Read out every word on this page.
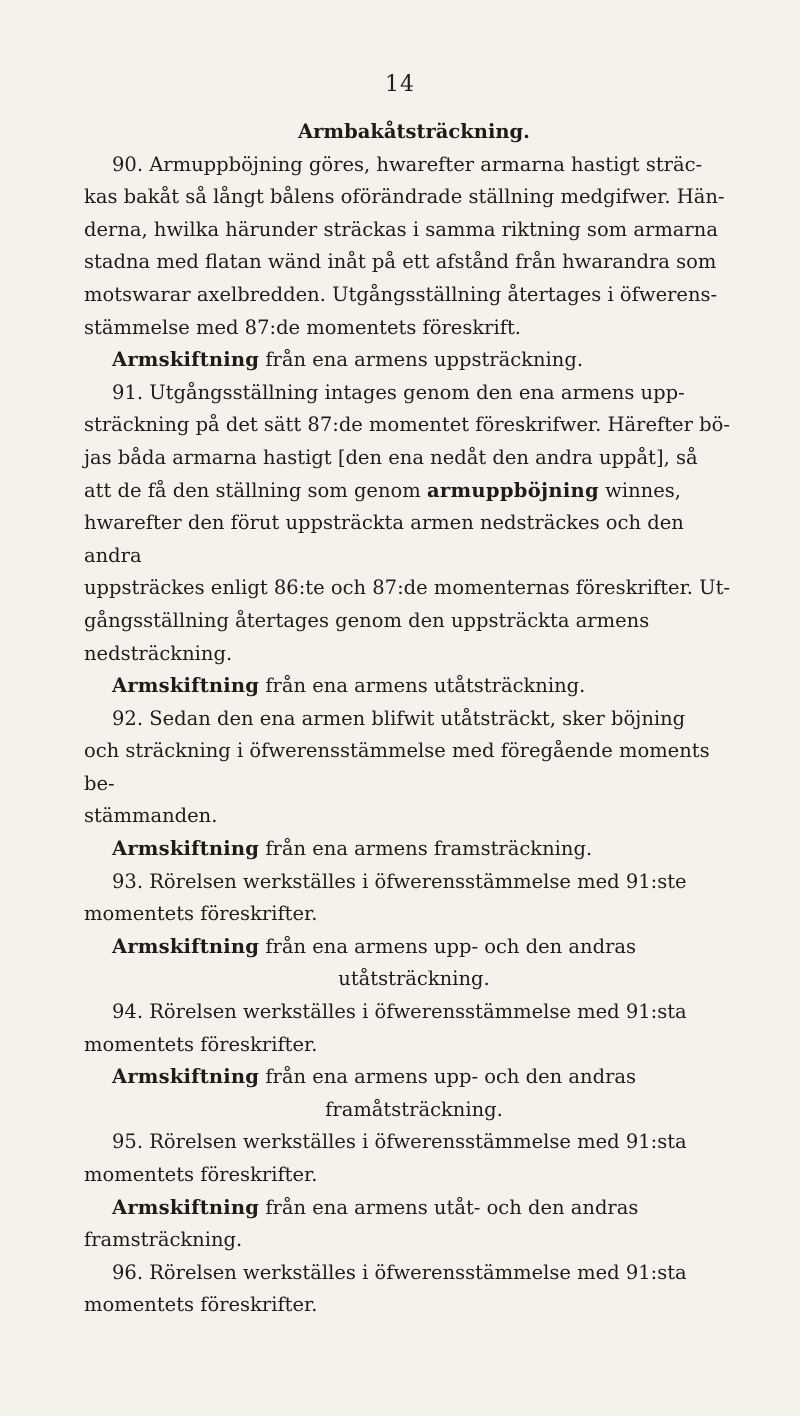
14
Armbakåtsträckning.
90. Armuppböjning göres, hwarefter armarna hastigt sträc-
kas bakåt så långt bålens oförändrade ställning medgifwer. Hän-
derna, hwilka härunder sträckas i samma riktning som armarna
stadna med flatan wänd inåt på ett afstånd från hwarandra som
motswarar axelbredden. Utgångsställning återtages i öfwerens-
stämmelse med 87:de momentets föreskrift.
Armskiftning från ena armens uppsträckning.
91. Utgångsställning intages genom den ena armens upp-
sträckning på det sätt 87:de momentet föreskrifwer. Härefter bö-
jas båda armarna hastigt [den ena nedåt den andra uppåt], så
att de få den ställning som genom armuppböjning winnes,
hwarefter den förut uppsträckta armen nedsträckes och den andra
uppsträckes enligt 86:te och 87:de momenternas föreskrifter. Ut-
gångsställning återtages genom den uppsträckta armens nedsträckning.
Armskiftning från ena armens utåtsträckning.
92. Sedan den ena armen blifwit utåtsträckt, sker böjning
och sträckning i öfwerensstämmelse med föregående moments be-
stämmanden.
Armskiftning från ena armens framsträckning.
93. Rörelsen werkställes i öfwerensstämmelse med 91:ste
momentets föreskrifter.
Armskiftning från ena armens upp- och den andras
utåtsträckning.
94. Rörelsen werkställes i öfwerensstämmelse med 91:sta
momentets föreskrifter.
Armskiftning från ena armens upp- och den andras
framåtsträckning.
95. Rörelsen werkställes i öfwerensstämmelse med 91:sta
momentets föreskrifter.
Armskiftning från ena armens utåt- och den andras framsträckning.
96. Rörelsen werkställes i öfwerensstämmelse med 91:sta
momentets föreskrifter.
